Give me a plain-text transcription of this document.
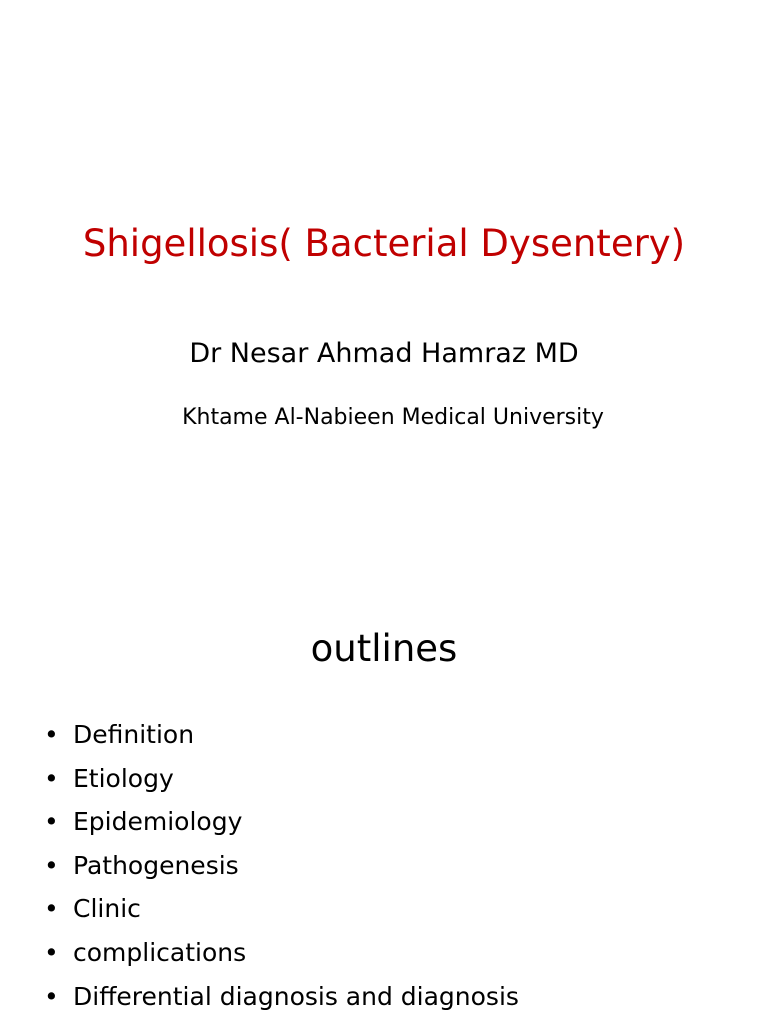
Shigellosis( Bacterial Dysentery)
Dr Nesar Ahmad Hamraz MD
Khtame Al-Nabieen Medical University
outlines
• Definition
• Etiology
• Epidemiology
• Pathogenesis
• Clinic
• complications
• Differential diagnosis and diagnosis
